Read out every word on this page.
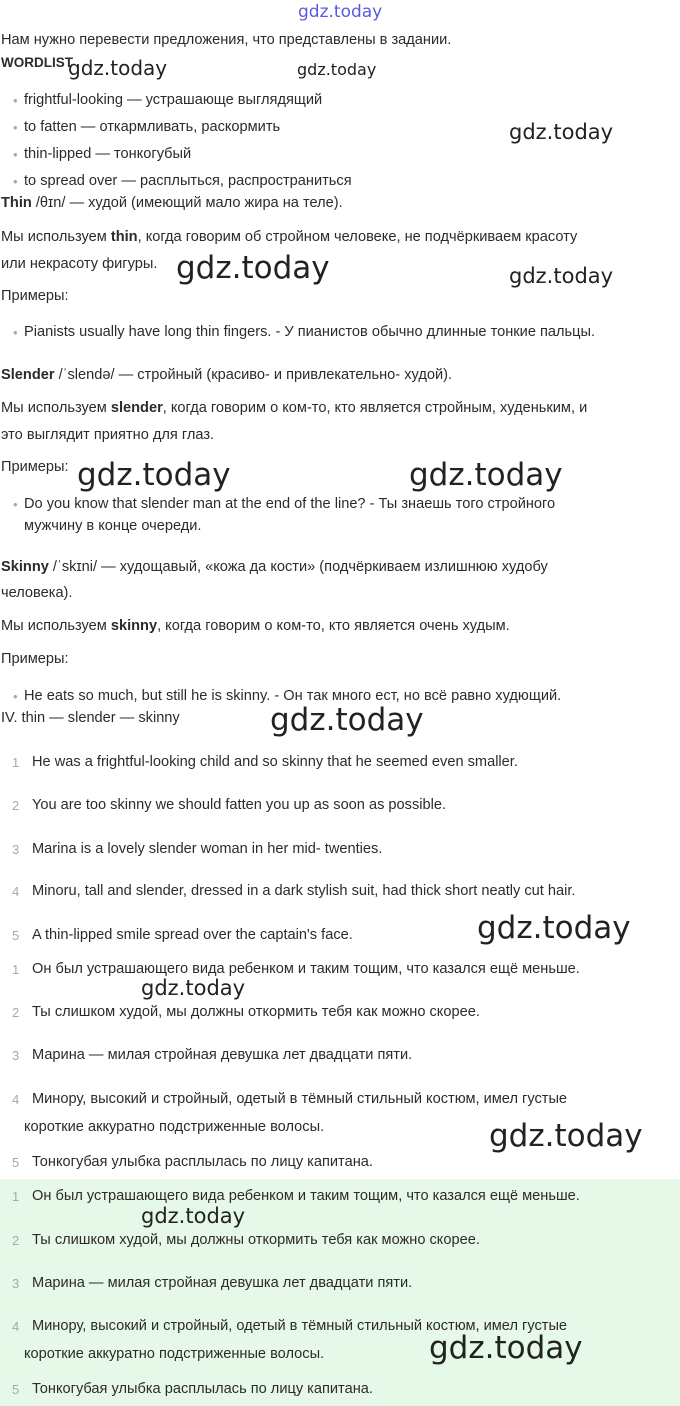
Нам нужно перевести предложения, что представлены в задании.
WORDLIST
• frightful-looking — устрашающе выглядящий
• to fatten — откармливать, раскормить
• thin-lipped — тонкогубый
• to spread over — расплыться, распространиться
Thin /θɪn/ — худой (имеющий мало жира на теле).
Мы используем thin, когда говорим об стройном человеке, не подчёркиваем красоту
или некрасоту фигуры.
Примеры:
• Pianists usually have long thin fingers. - У пианистов обычно длинные тонкие пальцы.
Slender /ˈslendə/ — стройный (красиво- и привлекательно- худой).
Мы используем slender, когда говорим о ком-то, кто является стройным, худеньким, и
это выглядит приятно для глаз.
Примеры:
• Do you know that slender man at the end of the line? - Ты знаешь того стройного
мужчину в конце очереди.
Skinny /ˈskɪni/ — худощавый, «кожа да кости» (подчёркиваем излишнюю худобу
человека).
Мы используем skinny, когда говорим о ком-то, кто является очень худым.
Примеры:
• He eats so much, but still he is skinny. - Он так много ест, но всё равно худющий.
IV. thin — slender — skinny
1 He was a frightful-looking child and so skinny that he seemed even smaller.
2 You are too skinny we should fatten you up as soon as possible.
3 Marina is a lovely slender woman in her mid- twenties.
4 Minoru, tall and slender, dressed in a dark stylish suit, had thick short neatly cut hair.
5 A thin-lipped smile spread over the captain's face.
1 Он был устрашающего вида ребенком и таким тощим, что казался ещё меньше.
2 Ты слишком худой, мы должны откормить тебя как можно скорее.
3 Марина — милая стройная девушка лет двадцати пяти.
4 Минору, высокий и стройный, одетый в тёмный стильный костюм, имел густые
короткие аккуратно подстриженные волосы.
5 Тонкогубая улыбка расплылась по лицу капитана.
1 Он был устрашающего вида ребенком и таким тощим, что казался ещё меньше.
2 Ты слишком худой, мы должны откормить тебя как можно скорее.
3 Марина — милая стройная девушка лет двадцати пяти.
4 Минору, высокий и стройный, одетый в тёмный стильный костюм, имел густые
короткие аккуратно подстриженные волосы.
5 Тонкогубая улыбка расплылась по лицу капитана.
gdz.today
gdz.today	gdz.today
gdz.today
gdz.today	gdz.today
gdz.today	gdz.today
gdz.today
gdz.today
gdz.today
gdz.today
gdz.today
gdz.today
